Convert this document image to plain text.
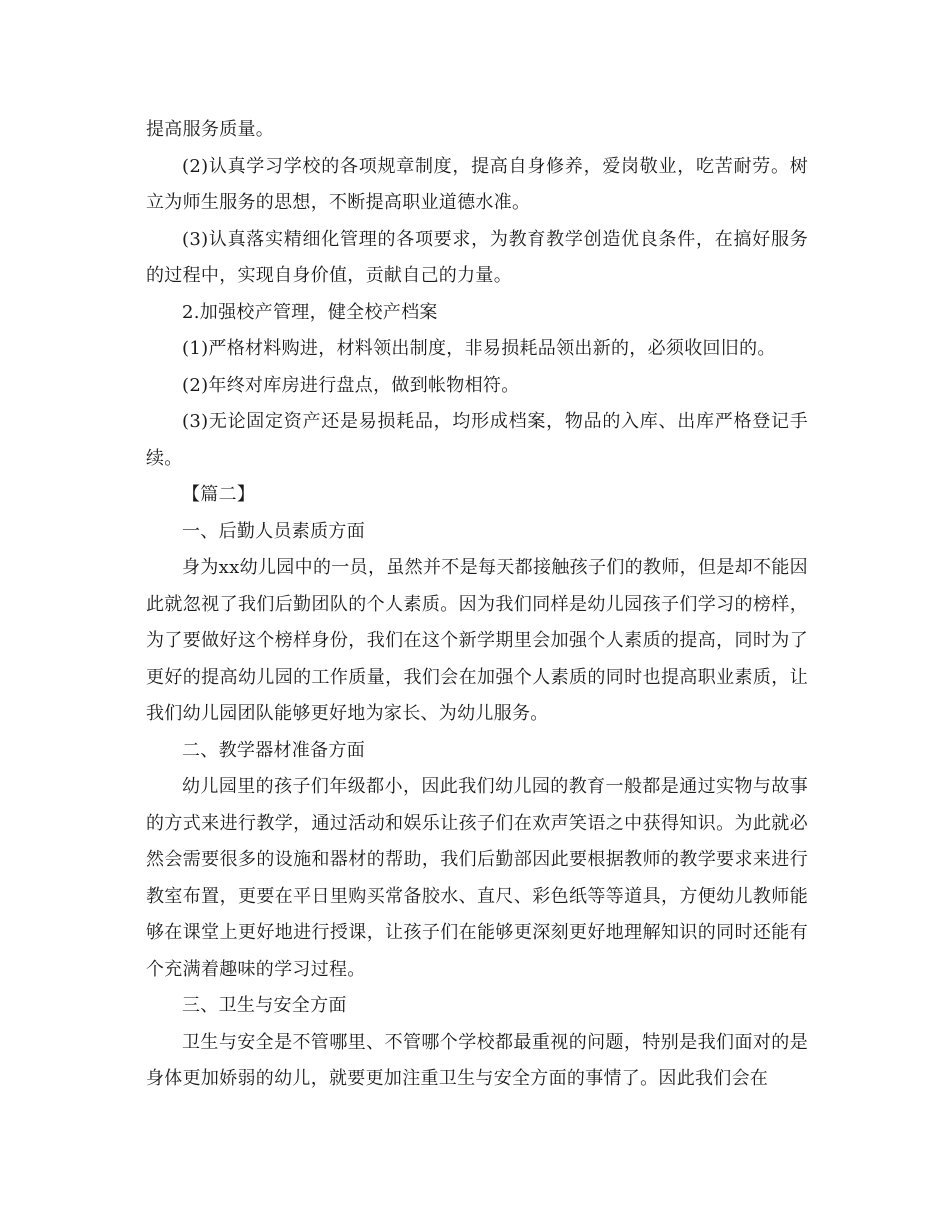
提高服务质量。

(2)认真学习学校的各项规章制度，提高自身修养，爱岗敬业，吃苦耐劳。树立为师生服务的思想，不断提高职业道德水准。

(3)认真落实精细化管理的各项要求，为教育教学创造优良条件，在搞好服务的过程中，实现自身价值，贡献自己的力量。

2.加强校产管理，健全校产档案

(1)严格材料购进，材料领出制度，非易损耗品领出新的，必须收回旧的。

(2)年终对库房进行盘点，做到帐物相符。

(3)无论固定资产还是易损耗品，均形成档案，物品的入库、出库严格登记手续。

【篇二】

一、后勤人员素质方面

身为xx幼儿园中的一员，虽然并不是每天都接触孩子们的教师，但是却不能因此就忽视了我们后勤团队的个人素质。因为我们同样是幼儿园孩子们学习的榜样，为了要做好这个榜样身份，我们在这个新学期里会加强个人素质的提高，同时为了更好的提高幼儿园的工作质量，我们会在加强个人素质的同时也提高职业素质，让我们幼儿园团队能够更好地为家长、为幼儿服务。

二、教学器材准备方面

幼儿园里的孩子们年级都小，因此我们幼儿园的教育一般都是通过实物与故事的方式来进行教学，通过活动和娱乐让孩子们在欢声笑语之中获得知识。为此就必然会需要很多的设施和器材的帮助，我们后勤部因此要根据教师的教学要求来进行教室布置，更要在平日里购买常备胶水、直尺、彩色纸等等道具，方便幼儿教师能够在课堂上更好地进行授课，让孩子们在能够更深刻更好地理解知识的同时还能有个充满着趣味的学习过程。

三、卫生与安全方面

卫生与安全是不管哪里、不管哪个学校都最重视的问题，特别是我们面对的是身体更加娇弱的幼儿，就要更加注重卫生与安全方面的事情了。因此我们会在
